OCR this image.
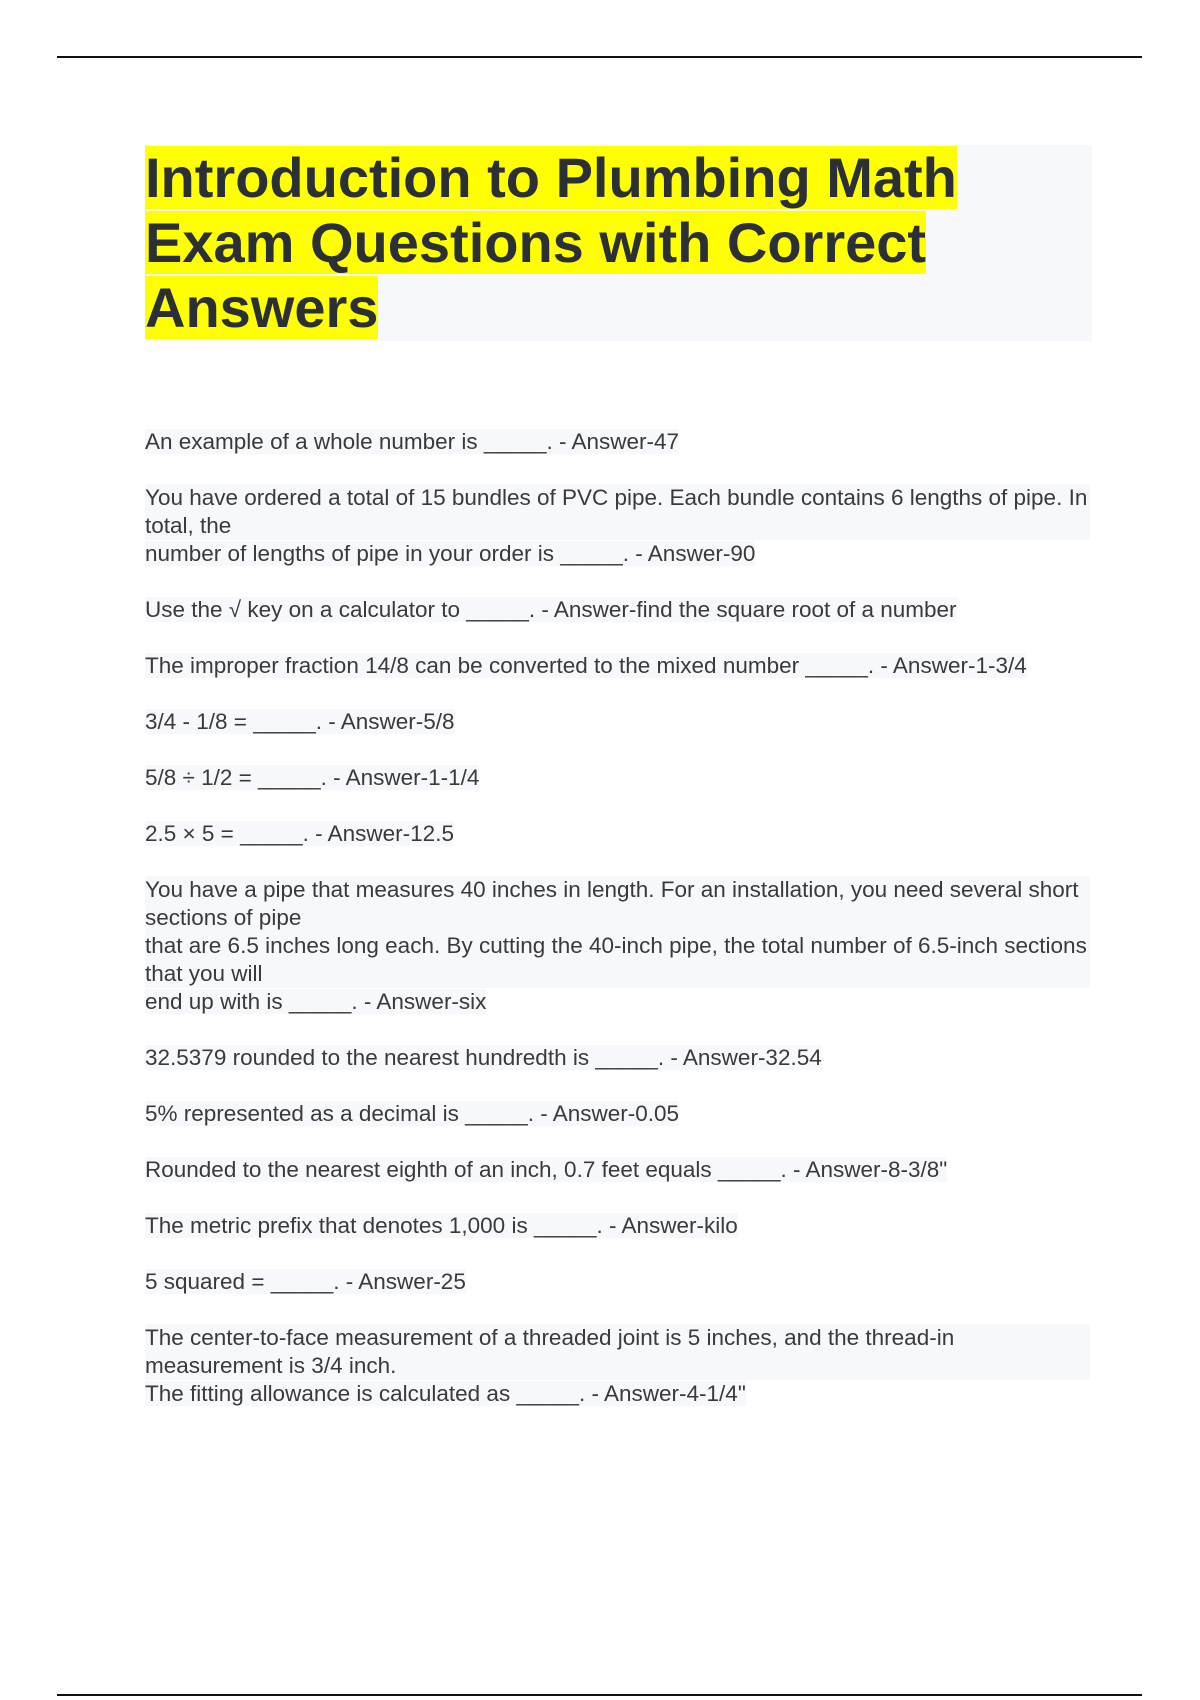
Introduction to Plumbing Math
Exam Questions with Correct
Answers

An example of a whole number is _____. - Answer-47

You have ordered a total of 15 bundles of PVC pipe. Each bundle contains 6 lengths of pipe. In total, the
number of lengths of pipe in your order is _____. - Answer-90

Use the √ key on a calculator to _____. - Answer-find the square root of a number

The improper fraction 14/8 can be converted to the mixed number _____. - Answer-1-3/4

3/4 - 1/8 = _____. - Answer-5/8

5/8 ÷ 1/2 = _____. - Answer-1-1/4

2.5 × 5 = _____. - Answer-12.5

You have a pipe that measures 40 inches in length. For an installation, you need several short sections of pipe
that are 6.5 inches long each. By cutting the 40-inch pipe, the total number of 6.5-inch sections that you will
end up with is _____. - Answer-six

32.5379 rounded to the nearest hundredth is _____. - Answer-32.54

5% represented as a decimal is _____. - Answer-0.05

Rounded to the nearest eighth of an inch, 0.7 feet equals _____. - Answer-8-3/8"

The metric prefix that denotes 1,000 is _____. - Answer-kilo

5 squared = _____. - Answer-25

The center-to-face measurement of a threaded joint is 5 inches, and the thread-in measurement is 3/4 inch.
The fitting allowance is calculated as _____. - Answer-4-1/4"
